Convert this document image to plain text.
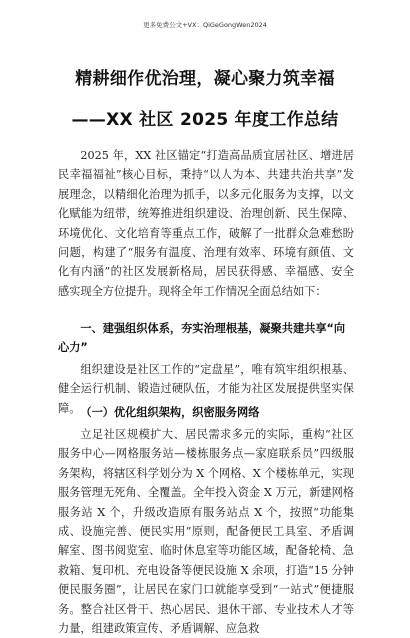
更多免费公文+VX：QiGeGongWen2024
精耕细作优治理，凝心聚力筑幸福
——XX 社区 2025 年度工作总结
2025 年，XX 社区锚定“打造高品质宜居社区、增进居民幸福福祉”核心目标，秉持“以人为本、共建共治共享”发展理念，以精细化治理为抓手，以多元化服务为支撑，以文化赋能为纽带，统筹推进组织建设、治理创新、民生保障、环境优化、文化培育等重点工作，破解了一批群众急难愁盼问题，构建了“服务有温度、治理有效率、环境有颜值、文化有内涵”的社区发展新格局，居民获得感、幸福感、安全感实现全方位提升。现将全年工作情况全面总结如下：
一、建强组织体系，夯实治理根基，凝聚共建共享“向心力”
组织建设是社区工作的“定盘星”，唯有筑牢组织根基、健全运行机制、锻造过硬队伍，才能为社区发展提供坚实保障。 （一）优化组织架构，织密服务网络
立足社区规模扩大、居民需求多元的实际，重构“社区服务中心—网格服务站—楼栋服务点—家庭联系员”四级服务架构，将辖区科学划分为 X 个网格、X 个楼栋单元，实现服务管理无死角、全覆盖。全年投入资金 X 万元，新建网格服务站 X 个，升级改造原有服务站点 X 个，按照“功能集成、设施完善、便民实用”原则，配备便民工具室、矛盾调解室、图书阅览室、临时休息室等功能区域，配备轮椅、急救箱、复印机、充电设备等便民设施 X 余项，打造“15 分钟便民服务圈”，让居民在家门口就能享受到“一站式”便捷服务。整合社区骨干、热心居民、退休干部、专业技术人才等力量，组建政策宣传、矛盾调解、应急救
